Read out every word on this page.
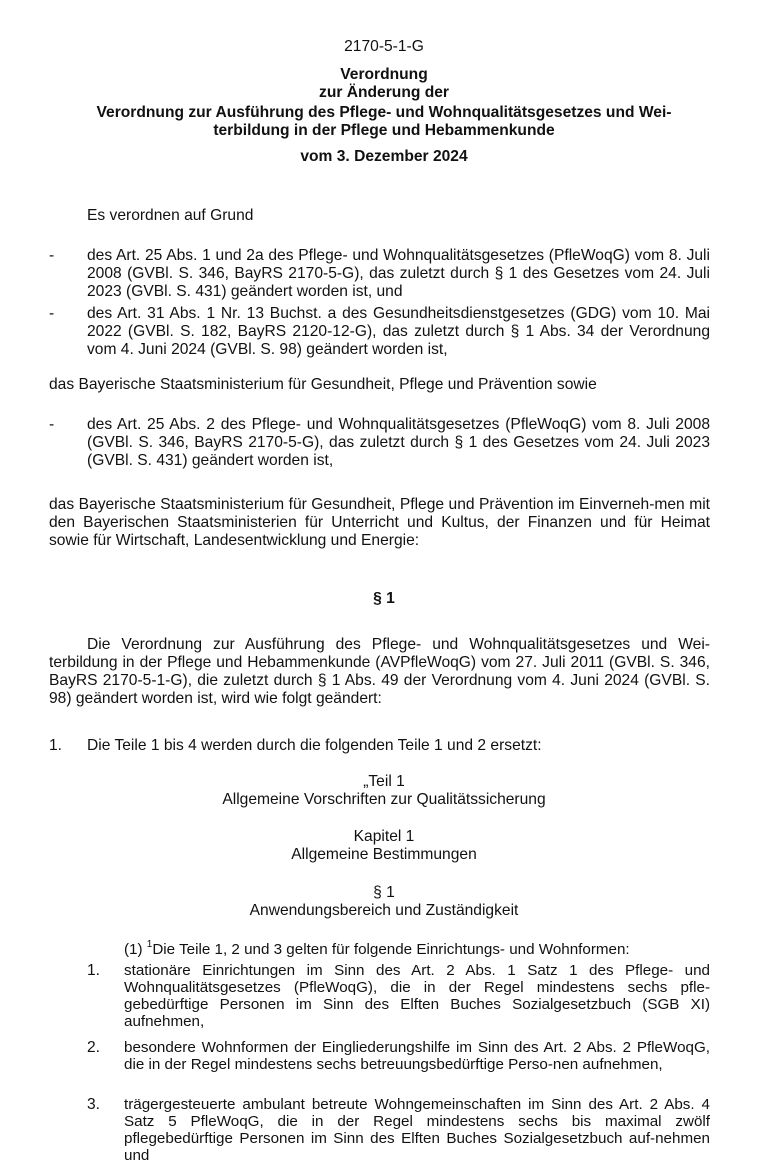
2170-5-1-G
Verordnung
zur Änderung der
Verordnung zur Ausführung des Pflege- und Wohnqualitätsgesetzes und Wei-
terbildung in der Pflege und Hebammenkunde
vom 3. Dezember 2024
Es verordnen auf Grund
- des Art. 25 Abs. 1 und 2a des Pflege- und Wohnqualitätsgesetzes (PfleWoqG) vom 8. Juli 2008 (GVBl. S. 346, BayRS 2170-5-G), das zuletzt durch § 1 des Gesetzes vom 24. Juli 2023 (GVBl. S. 431) geändert worden ist, und
- des Art. 31 Abs. 1 Nr. 13 Buchst. a des Gesundheitsdienstgesetzes (GDG) vom 10. Mai 2022 (GVBl. S. 182, BayRS 2120-12-G), das zuletzt durch § 1 Abs. 34 der Verordnung vom 4. Juni 2024 (GVBl. S. 98) geändert worden ist,
das Bayerische Staatsministerium für Gesundheit, Pflege und Prävention sowie
- des Art. 25 Abs. 2 des Pflege- und Wohnqualitätsgesetzes (PfleWoqG) vom 8. Juli 2008 (GVBl. S. 346, BayRS 2170-5-G), das zuletzt durch § 1 des Gesetzes vom 24. Juli 2023 (GVBl. S. 431) geändert worden ist,
das Bayerische Staatsministerium für Gesundheit, Pflege und Prävention im Einverneh-men mit den Bayerischen Staatsministerien für Unterricht und Kultus, der Finanzen und für Heimat sowie für Wirtschaft, Landesentwicklung und Energie:
§ 1
Die Verordnung zur Ausführung des Pflege- und Wohnqualitätsgesetzes und Wei-terbildung in der Pflege und Hebammenkunde (AVPfleWoqG) vom 27. Juli 2011 (GVBl. S. 346, BayRS 2170-5-1-G), die zuletzt durch § 1 Abs. 49 der Verordnung vom 4. Juni 2024 (GVBl. S. 98) geändert worden ist, wird wie folgt geändert:
1. Die Teile 1 bis 4 werden durch die folgenden Teile 1 und 2 ersetzt:
„Teil 1
Allgemeine Vorschriften zur Qualitätssicherung
Kapitel 1
Allgemeine Bestimmungen
§ 1
Anwendungsbereich und Zuständigkeit
(1) $^1$Die Teile 1, 2 und 3 gelten für folgende Einrichtungs- und Wohnformen:
1. stationäre Einrichtungen im Sinn des Art. 2 Abs. 1 Satz 1 des Pflege- und Wohnqualitätsgesetzes (PfleWoqG), die in der Regel mindestens sechs pfle-gebedürftige Personen im Sinn des Elften Buches Sozialgesetzbuch (SGB XI) aufnehmen,
2. besondere Wohnformen der Eingliederungshilfe im Sinn des Art. 2 Abs. 2 PfleWoqG, die in der Regel mindestens sechs betreuungsbedürftige Perso-nen aufnehmen,
3. trägergesteuerte ambulant betreute Wohngemeinschaften im Sinn des Art. 2 Abs. 4 Satz 5 PfleWoqG, die in der Regel mindestens sechs bis maximal zwölf pflegebedürftige Personen im Sinn des Elften Buches Sozialgesetzbuch auf-nehmen und
